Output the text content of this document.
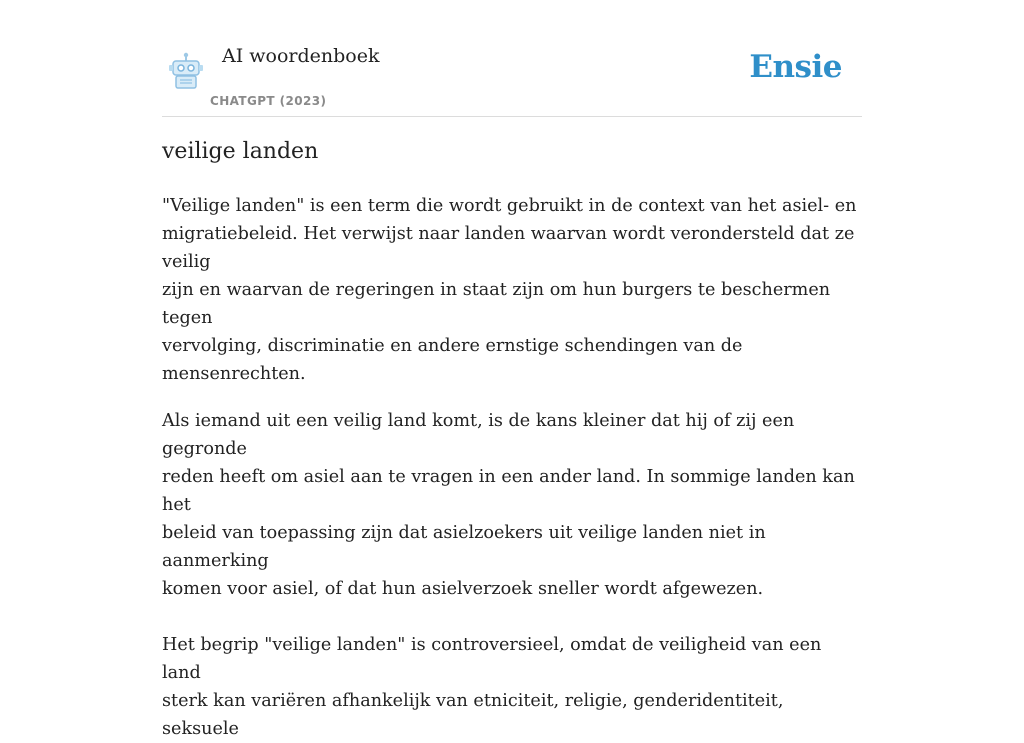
AI woordenboek
CHATGPT (2023)
Ensie
veilige landen

"Veilige landen" is een term die wordt gebruikt in de context van het asiel- en
migratiebeleid. Het verwijst naar landen waarvan wordt verondersteld dat ze veilig
zijn en waarvan de regeringen in staat zijn om hun burgers te beschermen tegen
vervolging, discriminatie en andere ernstige schendingen van de mensenrechten.

Als iemand uit een veilig land komt, is de kans kleiner dat hij of zij een gegronde
reden heeft om asiel aan te vragen in een ander land. In sommige landen kan het
beleid van toepassing zijn dat asielzoekers uit veilige landen niet in aanmerking
komen voor asiel, of dat hun asielverzoek sneller wordt afgewezen.

Het begrip "veilige landen" is controversieel, omdat de veiligheid van een land
sterk kan variëren afhankelijk van etniciteit, religie, genderidentiteit, seksuele
